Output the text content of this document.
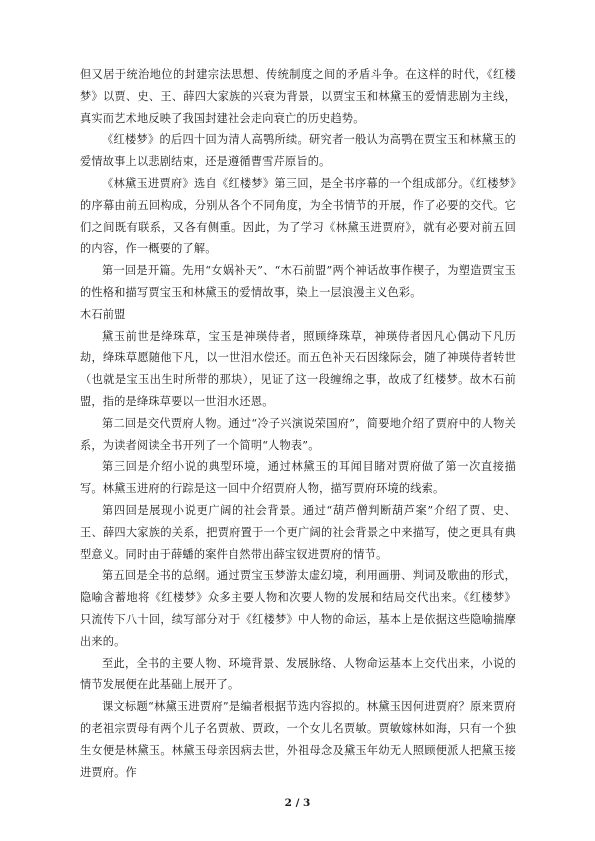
但又居于统治地位的封建宗法思想、传统制度之间的矛盾斗争。在这样的时代，《红楼梦》以贾、史、王、薛四大家族的兴衰为背景，以贾宝玉和林黛玉的爱情悲剧为主线，真实而艺术地反映了我国封建社会走向衰亡的历史趋势。

《红楼梦》的后四十回为清人高鹗所续。研究者一般认为高鹗在贾宝玉和林黛玉的爱情故事上以悲剧结束，还是遵循曹雪芹原旨的。

《林黛玉进贾府》选自《红楼梦》第三回，是全书序幕的一个组成部分。《红楼梦》的序幕由前五回构成，分别从各个不同角度，为全书情节的开展，作了必要的交代。它们之间既有联系，又各有侧重。因此，为了学习《林黛玉进贾府》，就有必要对前五回的内容，作一概要的了解。

第一回是开篇。先用“女娲补天”、“木石前盟”两个神话故事作楔子，为塑造贾宝玉的性格和描写贾宝玉和林黛玉的爱情故事，染上一层浪漫主义色彩。

木石前盟

黛玉前世是绛珠草，宝玉是神瑛侍者，照顾绛珠草，神瑛侍者因凡心偶动下凡历劫，绛珠草愿随他下凡，以一世泪水偿还。而五色补天石因缘际会，随了神瑛侍者转世（也就是宝玉出生时所带的那块），见证了这一段缠绵之事，故成了红楼梦。故木石前盟，指的是绛珠草要以一世泪水还恩。

第二回是交代贾府人物。通过“冷子兴演说荣国府”，简要地介绍了贾府中的人物关系，为读者阅读全书开列了一个简明“人物表”。

第三回是介绍小说的典型环境，通过林黛玉的耳闻目睹对贾府做了第一次直接描写。林黛玉进府的行踪是这一回中介绍贾府人物，描写贾府环境的线索。

第四回是展现小说更广阔的社会背景。通过“葫芦僧判断葫芦案”介绍了贾、史、王、薛四大家族的关系，把贾府置于一个更广阔的社会背景之中来描写，使之更具有典型意义。同时由于薛蟠的案件自然带出薛宝钗进贾府的情节。

第五回是全书的总纲。通过贾宝玉梦游太虚幻境，利用画册、判词及歌曲的形式，隐喻含蓄地将《红楼梦》众多主要人物和次要人物的发展和结局交代出来。《红楼梦》只流传下八十回，续写部分对于《红楼梦》中人物的命运，基本上是依据这些隐喻揣摩出来的。

至此，全书的主要人物、环境背景、发展脉络、人物命运基本上交代出来，小说的情节发展便在此基础上展开了。

课文标题“林黛玉进贾府”是编者根据节选内容拟的。林黛玉因何进贾府？原来贾府的老祖宗贾母有两个儿子名贾赦、贾政，一个女儿名贾敏。贾敏嫁林如海，只有一个独生女便是林黛玉。林黛玉母亲因病去世，外祖母念及黛玉年幼无人照顾便派人把黛玉接进贾府。作

2 / 3
